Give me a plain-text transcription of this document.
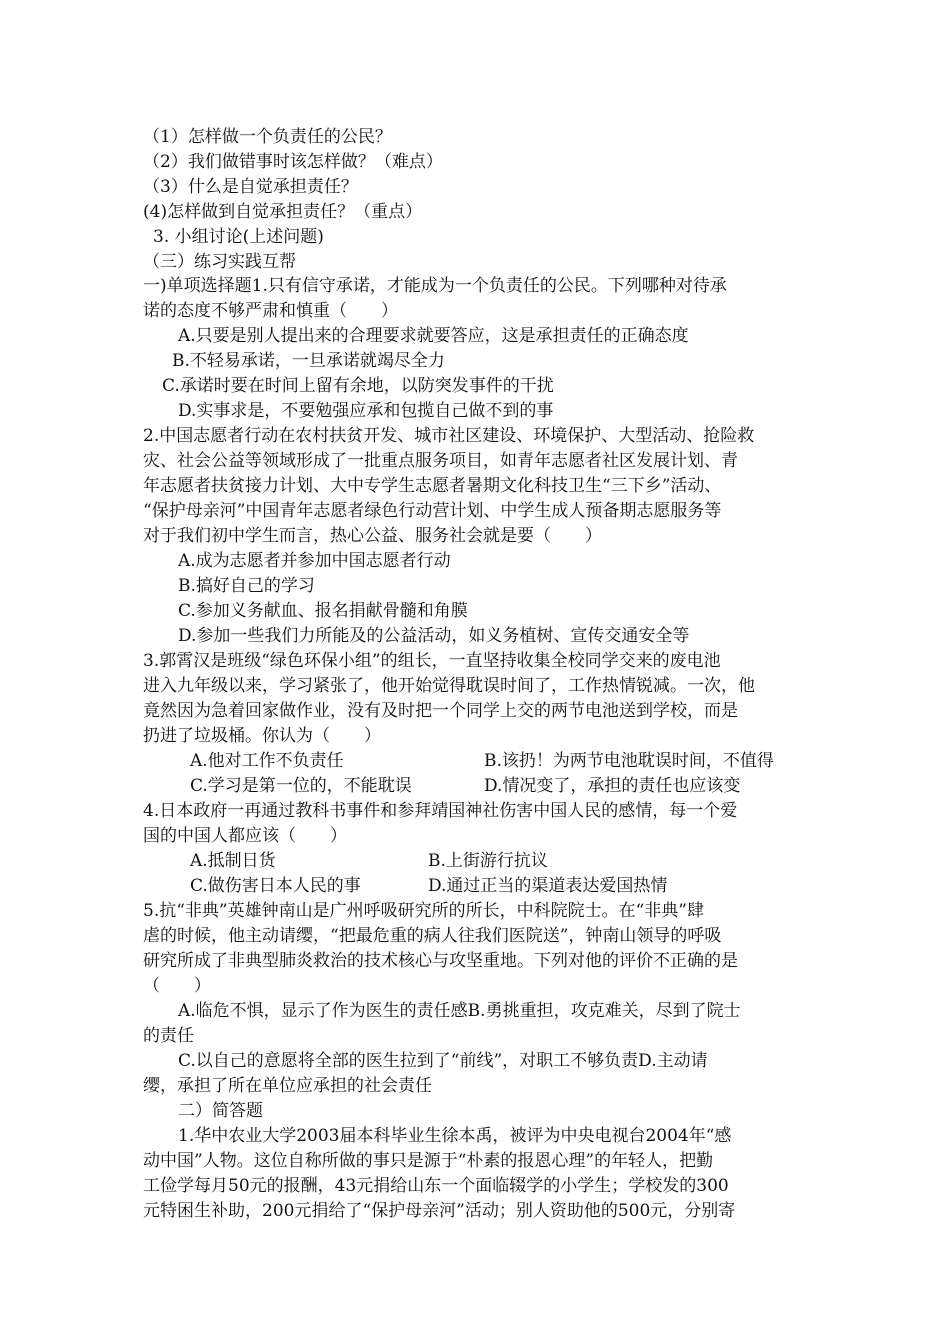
（1）怎样做一个负责任的公民？
（2）我们做错事时该怎样做？（难点）
（3）什么是自觉承担责任？
(4)怎样做到自觉承担责任？（重点）
3. 小组讨论(上述问题)
（三）练习实践互帮
一)单项选择题1.只有信守承诺，才能成为一个负责任的公民。下列哪种对待承
诺的态度不够严肃和慎重（　　）
A.只要是别人提出来的合理要求就要答应，这是承担责任的正确态度
B.不轻易承诺，一旦承诺就竭尽全力
C.承诺时要在时间上留有余地，以防突发事件的干扰
D.实事求是，不要勉强应承和包揽自己做不到的事
2.中国志愿者行动在农村扶贫开发、城市社区建设、环境保护、大型活动、抢险救
灾、社会公益等领域形成了一批重点服务项目，如青年志愿者社区发展计划、青
年志愿者扶贫接力计划、大中专学生志愿者暑期文化科技卫生“三下乡”活动、
“保护母亲河”中国青年志愿者绿色行动营计划、中学生成人预备期志愿服务等
对于我们初中学生而言，热心公益、服务社会就是要（　　）
A.成为志愿者并参加中国志愿者行动
B.搞好自己的学习
C.参加义务献血、报名捐献骨髓和角膜
D.参加一些我们力所能及的公益活动，如义务植树、宣传交通安全等
3.郭霄汉是班级“绿色环保小组”的组长，一直坚持收集全校同学交来的废电池
进入九年级以来，学习紧张了，他开始觉得耽误时间了，工作热情锐减。一次，他
竟然因为急着回家做作业，没有及时把一个同学上交的两节电池送到学校，而是
扔进了垃圾桶。你认为（　　）
A.他对工作不负责任	B.该扔！为两节电池耽误时间，不值得
C.学习是第一位的，不能耽误	D.情况变了，承担的责任也应该变
4.日本政府一再通过教科书事件和参拜靖国神社伤害中国人民的感情，每一个爱
国的中国人都应该（　　）
A.抵制日货	B.上街游行抗议
C.做伤害日本人民的事	D.通过正当的渠道表达爱国热情
5.抗“非典”英雄钟南山是广州呼吸研究所的所长，中科院院士。在“非典”肆
虐的时候，他主动请缨，“把最危重的病人往我们医院送”，钟南山领导的呼吸
研究所成了非典型肺炎救治的技术核心与攻坚重地。下列对他的评价不正确的是
（　　）
A.临危不惧，显示了作为医生的责任感B.勇挑重担，攻克难关，尽到了院士
的责任
C.以自己的意愿将全部的医生拉到了“前线”，对职工不够负责D.主动请
缨，承担了所在单位应承担的社会责任
二）简答题
1.华中农业大学2003届本科毕业生徐本禹，被评为中央电视台2004年“感
动中国”人物。这位自称所做的事只是源于“朴素的报恩心理”的年轻人，把勤
工俭学每月50元的报酬，43元捐给山东一个面临辍学的小学生；学校发的300
元特困生补助，200元捐给了“保护母亲河”活动；别人资助他的500元，分别寄
